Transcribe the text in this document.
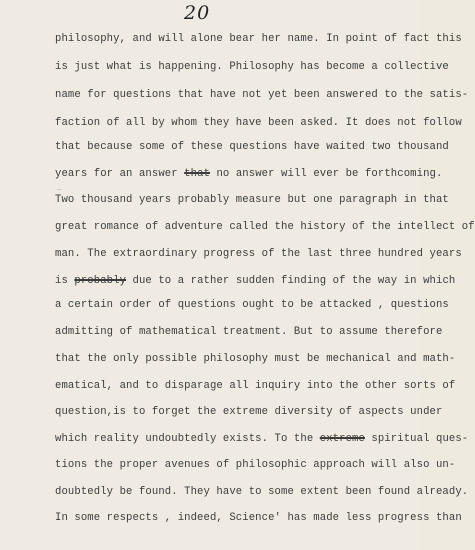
20
—
philosophy, and will alone bear her name. In point of fact this
is just what is happening. Philosophy has become a collective
name for questions that have not yet been answered to the satis-
faction of all by whom they have been asked. It does not follow
that because some of these questions have waited two thousand
years for an answer that no answer will ever be forthcoming.
Two thousand years probably measure but one paragraph in that
great romance of adventure called the history of the intellect of
man. The extraordinary progress of the last three hundred years
is probably due to a rather sudden finding of the way in which
a certain order of questions ought to be attacked , questions
admitting of mathematical treatment. But to assume therefore
that the only possible philosophy must be mechanical and math-
ematical, and to disparage all inquiry into the other sorts of
question,is to forget the extreme diversity of aspects under
which reality undoubtedly exists. To the extreme spiritual ques-
tions the proper avenues of philosophic approach will also un-
doubtedly be found. They have to some extent been found already.
In some respects , indeed, Science' has made less progress than
